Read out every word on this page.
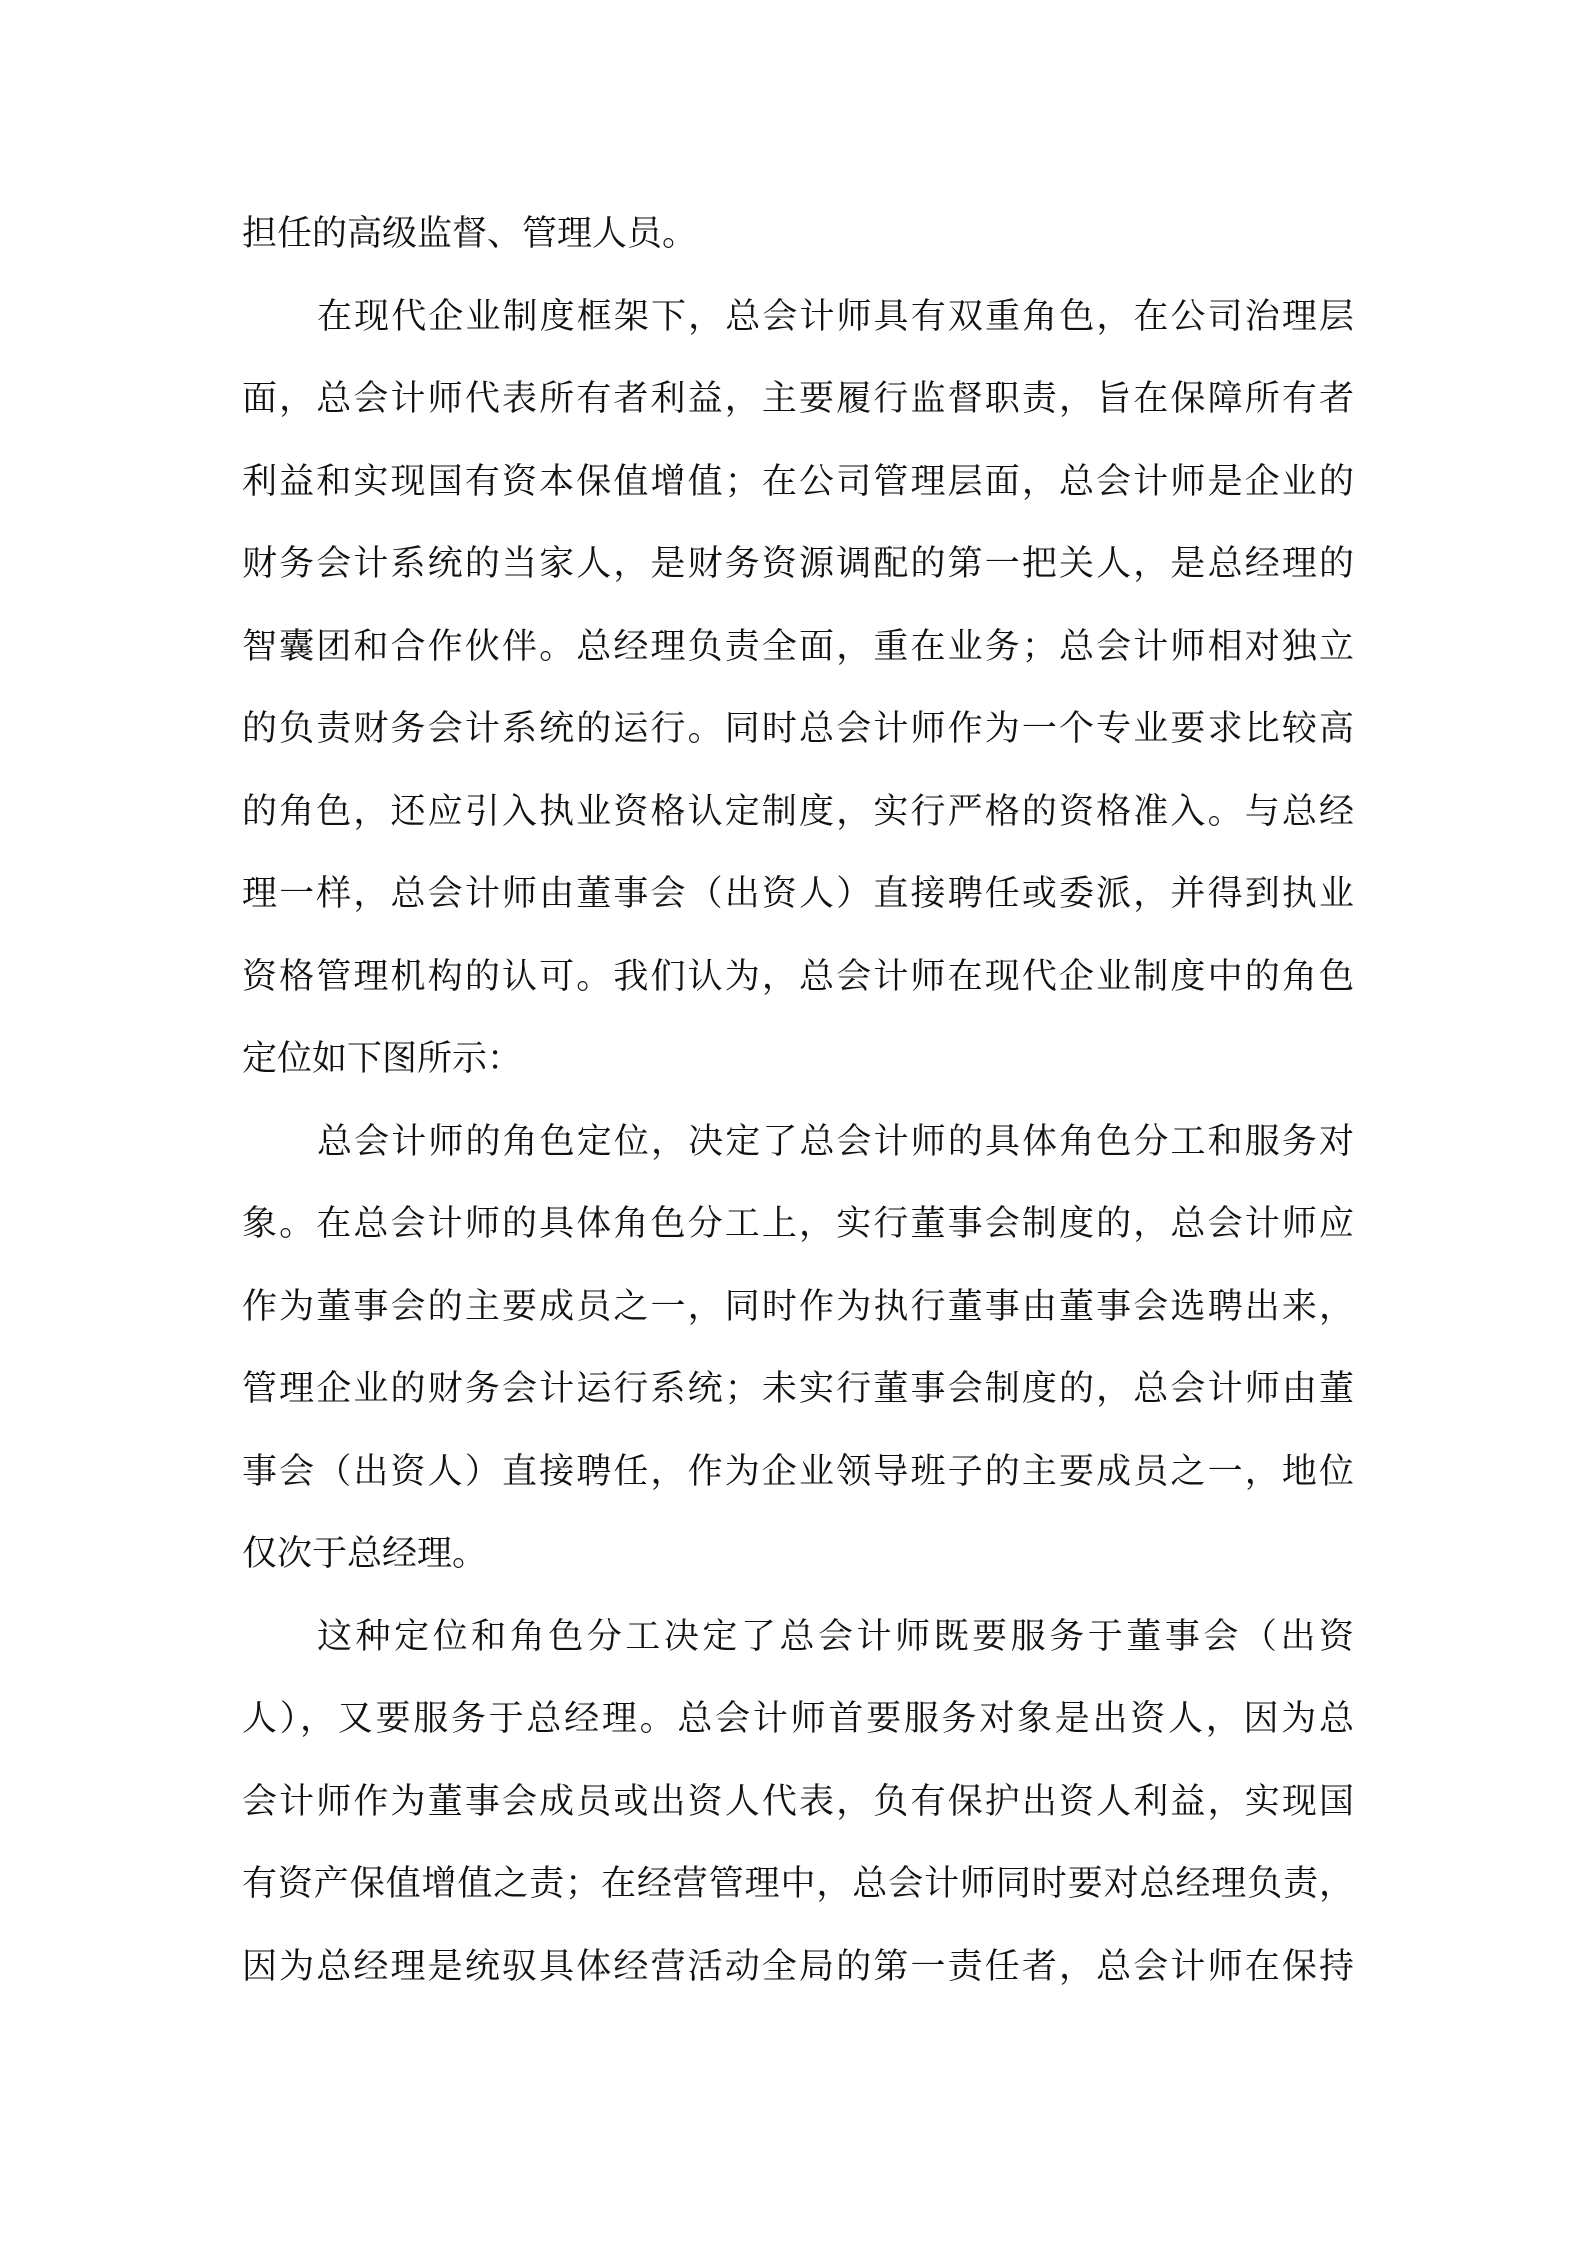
担任的高级监督、管理人员。
在现代企业制度框架下，总会计师具有双重角色，在公司治理层
面，总会计师代表所有者利益，主要履行监督职责，旨在保障所有者
利益和实现国有资本保值增值；在公司管理层面，总会计师是企业的
财务会计系统的当家人，是财务资源调配的第一把关人，是总经理的
智囊团和合作伙伴。总经理负责全面，重在业务；总会计师相对独立
的负责财务会计系统的运行。同时总会计师作为一个专业要求比较高
的角色，还应引入执业资格认定制度，实行严格的资格准入。与总经
理一样，总会计师由董事会（出资人）直接聘任或委派，并得到执业
资格管理机构的认可。我们认为，总会计师在现代企业制度中的角色
定位如下图所示：
总会计师的角色定位，决定了总会计师的具体角色分工和服务对
象。在总会计师的具体角色分工上，实行董事会制度的，总会计师应
作为董事会的主要成员之一，同时作为执行董事由董事会选聘出来，
管理企业的财务会计运行系统；未实行董事会制度的，总会计师由董
事会（出资人）直接聘任，作为企业领导班子的主要成员之一，地位
仅次于总经理。
这种定位和角色分工决定了总会计师既要服务于董事会（出资
人），又要服务于总经理。总会计师首要服务对象是出资人，因为总
会计师作为董事会成员或出资人代表，负有保护出资人利益，实现国
有资产保值增值之责；在经营管理中，总会计师同时要对总经理负责，
因为总经理是统驭具体经营活动全局的第一责任者，总会计师在保持
